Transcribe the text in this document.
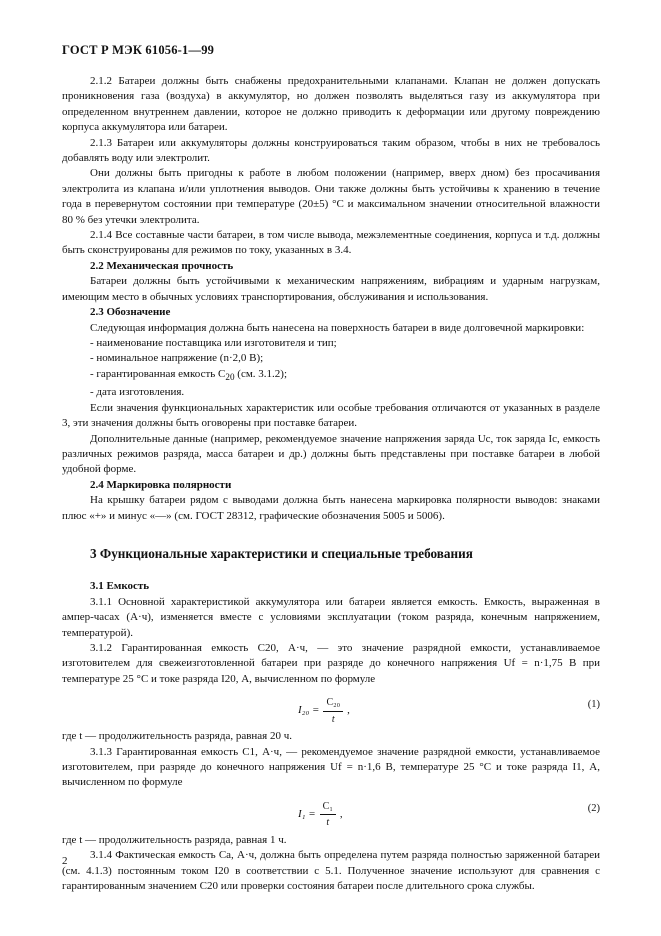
ГОСТ Р МЭК 61056-1—99

2.1.2 Батареи должны быть снабжены предохранительными клапанами. Клапан не должен допускать проникновения газа (воздуха) в аккумулятор, но должен позволять выделяться газу из аккумулятора при определенном внутреннем давлении, которое не должно приводить к деформации или другому повреждению корпуса аккумулятора или батареи.

2.1.3 Батареи или аккумуляторы должны конструироваться таким образом, чтобы в них не требовалось добавлять воду или электролит.

Они должны быть пригодны к работе в любом положении (например, вверх дном) без просачивания электролита из клапана и/или уплотнения выводов. Они также должны быть устойчивы к хранению в течение года в перевернутом состоянии при температуре (20±5) °С и максимальном значении относительной влажности 80 % без утечки электролита.

2.1.4 Все составные части батареи, в том числе вывода, межэлементные соединения, корпуса и т.д. должны быть сконструированы для режимов по току, указанных в 3.4.

2.2 Механическая прочность

Батареи должны быть устойчивыми к механическим напряжениям, вибрациям и ударным нагрузкам, имеющим место в обычных условиях транспортирования, обслуживания и использования.

2.3 Обозначение

Следующая информация должна быть нанесена на поверхность батареи в виде долговечной маркировки:

- наименование поставщика или изготовителя и тип;
- номинальное напряжение (n·2,0 В);
- гарантированная емкость $C_{20}$ (см. 3.1.2);
- дата изготовления.

Если значения функциональных характеристик или особые требования отличаются от указанных в разделе 3, эти значения должны быть оговорены при поставке батареи.

Дополнительные данные (например, рекомендуемое значение напряжения заряда Uc, ток заряда Ic, емкость различных режимов разряда, масса батареи и др.) должны быть представлены при поставке батареи в любой удобной форме.

2.4 Маркировка полярности

На крышку батареи рядом с выводами должна быть нанесена маркировка полярности выводов: знаками плюс «+» и минус «—» (см. ГОСТ 28312, графические обозначения 5005 и 5006).

3 Функциональные характеристики и специальные требования

3.1 Емкость

3.1.1 Основной характеристикой аккумулятора или батареи является емкость. Емкость, выраженная в ампер-часах (А·ч), изменяется вместе с условиями эксплуатации (током разряда, конечным напряжением, температурой).

3.1.2 Гарантированная емкость C20, А·ч, — это значение разрядной емкости, устанавливаемое изготовителем для свежеизготовленной батареи при разряде до конечного напряжения Uf = n·1,75 В при температуре 25 °С и токе разряда I20, А, вычисленном по формуле

$I_{20} = \frac{\text{C₂₀}}{t}$ ,	(1)

где t — продолжительность разряда, равная 20 ч.

3.1.3 Гарантированная емкость C1, А·ч, — рекомендуемое значение разрядной емкости, устанавливаемое изготовителем, при разряде до конечного напряжения Uf = n·1,6 В, температуре 25 °С и токе разряда I1, А, вычисленном по формуле

$I_1 = \frac{\text{C₁}}{t}$ ,	(2)

где t — продолжительность разряда, равная 1 ч.

3.1.4 Фактическая емкость Ca, А·ч, должна быть определена путем разряда полностью заряженной батареи (см. 4.1.3) постоянным током I20 в соответствии с 5.1. Полученное значение используют для сравнения с гарантированным значением C20 или проверки состояния батареи после длительного срока службы.

2
